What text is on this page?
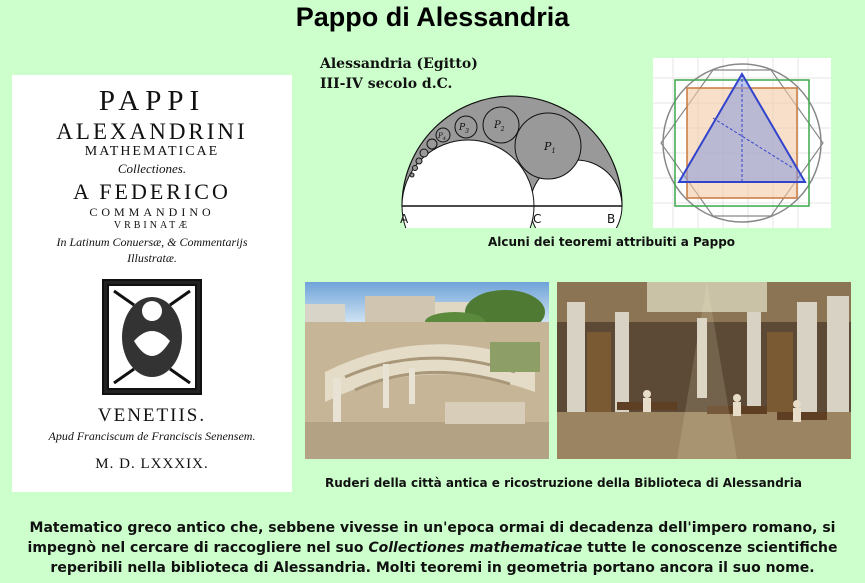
Pappo di Alessandria
Alessandria (Egitto)
III-IV secolo d.C.
PAPPI
ALEXANDRINI
MATHEMATICAE
Collectiones.
A FEDERICO
COMMANDINO
VRBINATÆ
In Latinum Conuersæ, & Commentarijs
Illustratæ.
VENETIIS.
Apud Franciscum de Franciscis Senensem.
M. D. LXXXIX.
$P_1$
$P_2$
$P_3$
$P_4$
A	C	B
Alcuni dei teoremi attribuiti a Pappo
Ruderi della città antica e ricostruzione della Biblioteca di Alessandria
Matematico greco antico che, sebbene vivesse in un'epoca ormai di decadenza dell'impero romano, si impegnò nel cercare di raccogliere nel suo Collectiones mathematicae tutte le conoscenze scientifiche reperibili nella biblioteca di Alessandria. Molti teoremi in geometria portano ancora il suo nome.
